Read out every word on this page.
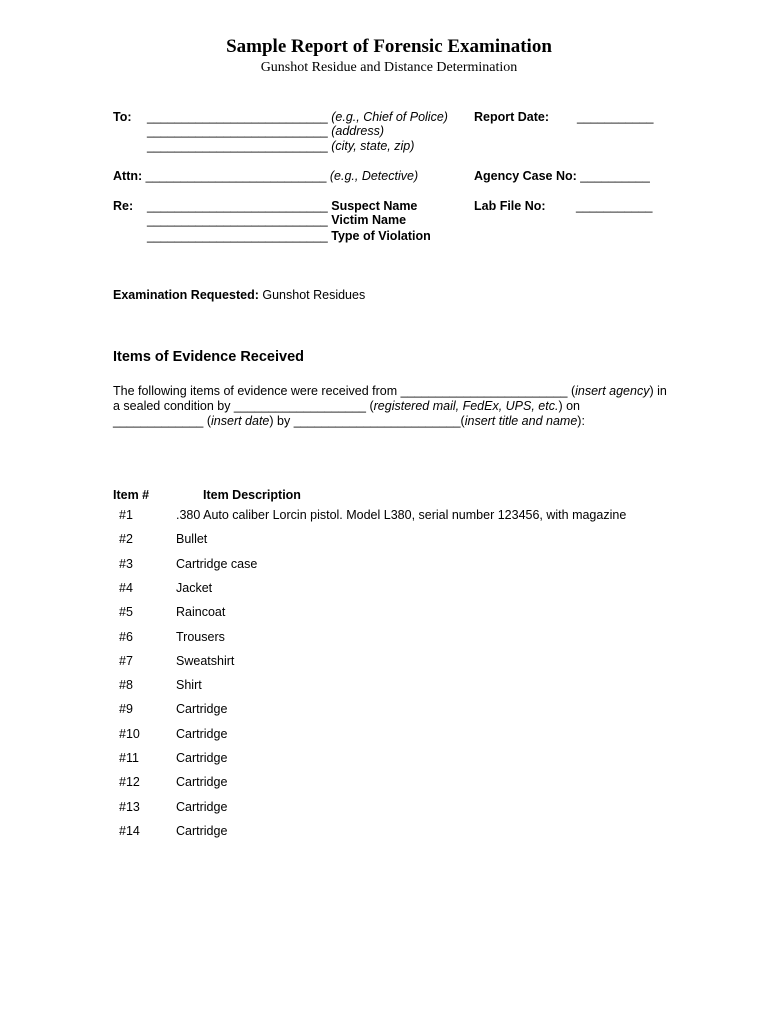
Sample Report of Forensic Examination
Gunshot Residue and Distance Determination
To: __________________________ (e.g., Chief of Police)
__________________________ (address)
__________________________ (city, state, zip)
Report Date: ___________
Attn: __________________________ (e.g., Detective)	Agency Case No: __________
Re: __________________________ Suspect Name
__________________________ Victim Name
__________________________ Type of Violation
Lab File No: ___________
Examination Requested: Gunshot Residues
Items of Evidence Received
The following items of evidence were received from ________________________ (insert agency) in
a sealed condition by ___________________ (registered mail, FedEx, UPS, etc.) on
_____________ (insert date) by ________________________(insert title and name):
Item #	Item Description
#1	.380 Auto caliber Lorcin pistol. Model L380, serial number 123456, with magazine
#2	Bullet
#3	Cartridge case
#4	Jacket
#5	Raincoat
#6	Trousers
#7	Sweatshirt
#8	Shirt
#9	Cartridge
#10	Cartridge
#11	Cartridge
#12	Cartridge
#13	Cartridge
#14	Cartridge
